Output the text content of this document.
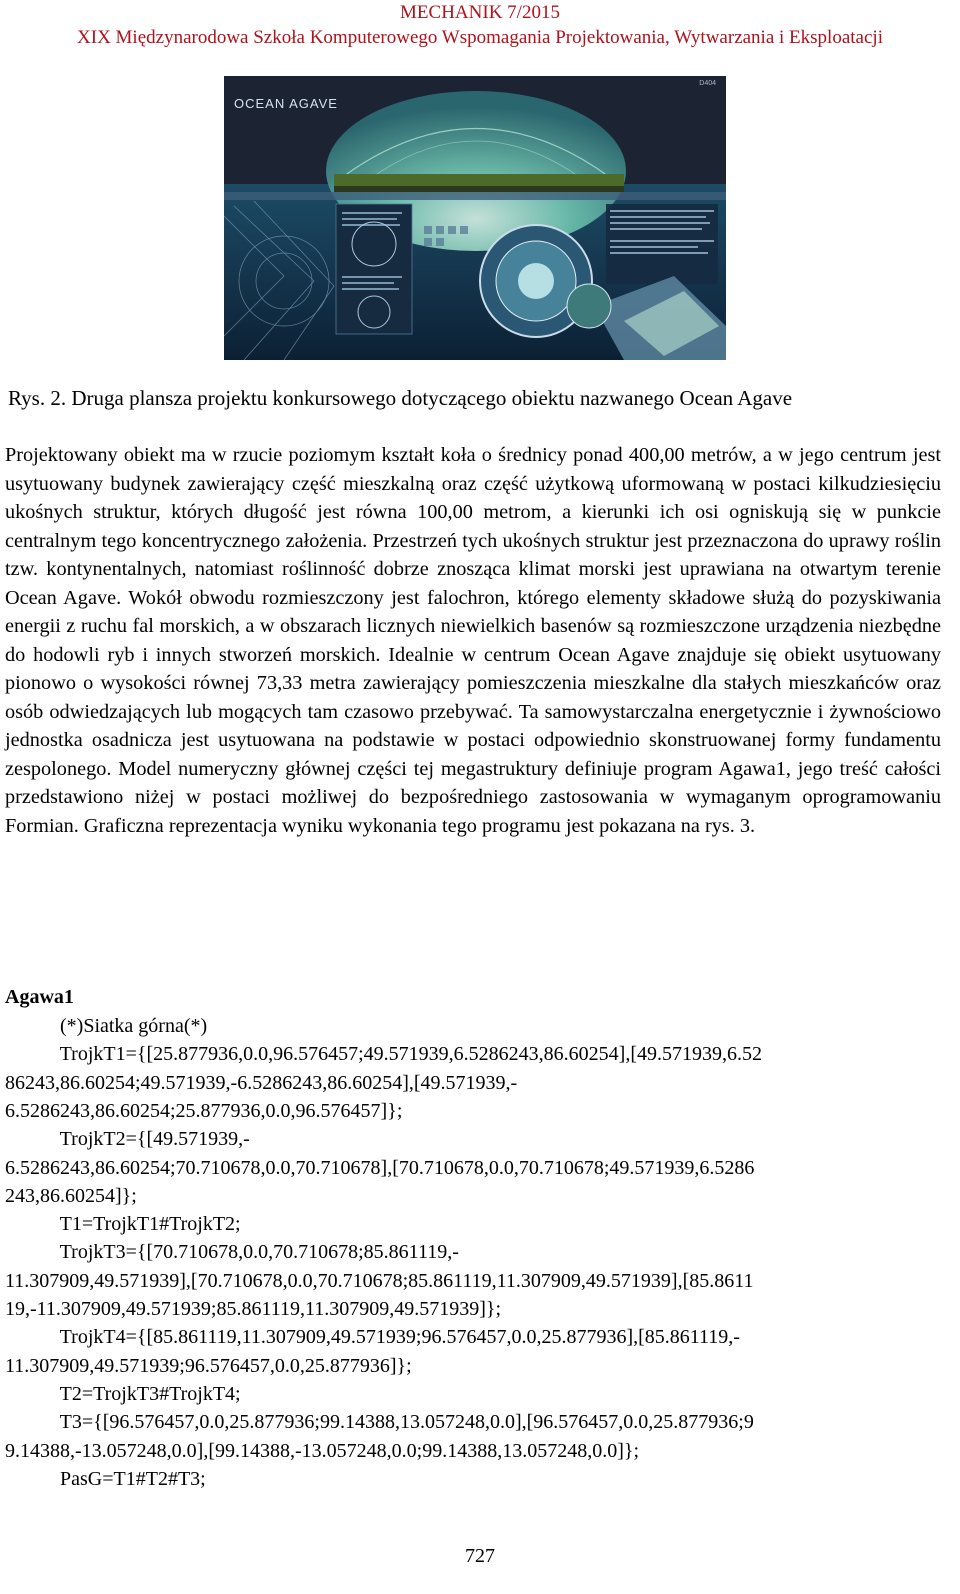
MECHANIK 7/2015
XIX Międzynarodowa Szkoła Komputerowego Wspomagania Projektowania, Wytwarzania i Eksploatacji
OCEAN AGAVE
D404
Rys. 2. Druga plansza projektu konkursowego dotyczącego obiektu nazwanego Ocean Agave
Projektowany obiekt ma w rzucie poziomym kształt koła o średnicy ponad 400,00 metrów, a w jego centrum jest usytuowany budynek zawierający część mieszkalną oraz część użytkową uformowaną w postaci kilkudziesięciu ukośnych struktur, których długość jest równa 100,00 metrom, a kierunki ich osi ogniskują się w punkcie centralnym tego koncentrycznego założenia. Przestrzeń tych ukośnych struktur jest przeznaczona do uprawy roślin tzw. kontynentalnych, natomiast roślinność dobrze znosząca klimat morski jest uprawiana na otwartym terenie Ocean Agave. Wokół obwodu rozmieszczony jest falochron, którego elementy składowe służą do pozyskiwania energii z ruchu fal morskich, a w obszarach licznych niewielkich basenów są rozmieszczone urządzenia niezbędne do hodowli ryb i innych stworzeń morskich. Idealnie w centrum Ocean Agave znajduje się obiekt usytuowany pionowo o wysokości równej 73,33 metra zawierający pomieszczenia mieszkalne dla stałych mieszkańców oraz osób odwiedzających lub mogących tam czasowo przebywać. Ta samowystarczalna energetycznie i żywnościowo jednostka osadnicza jest usytuowana na podstawie w postaci odpowiednio skonstruowanej formy fundamentu zespolonego. Model numeryczny głównej części tej megastruktury definiuje program Agawa1, jego treść całości przedstawiono niżej w postaci możliwej do bezpośredniego zastosowania w wymaganym oprogramowaniu Formian. Graficzna reprezentacja wyniku wykonania tego programu jest pokazana na rys. 3.
Agawa1
(*)Siatka górna(*)
TrojkT1={[25.877936,0.0,96.576457;49.571939,6.5286243,86.60254],[49.571939,6.52
86243,86.60254;49.571939,-6.5286243,86.60254],[49.571939,-
6.5286243,86.60254;25.877936,0.0,96.576457]};
TrojkT2={[49.571939,-
6.5286243,86.60254;70.710678,0.0,70.710678],[70.710678,0.0,70.710678;49.571939,6.5286
243,86.60254]};
T1=TrojkT1#TrojkT2;
TrojkT3={[70.710678,0.0,70.710678;85.861119,-
11.307909,49.571939],[70.710678,0.0,70.710678;85.861119,11.307909,49.571939],[85.8611
19,-11.307909,49.571939;85.861119,11.307909,49.571939]};
TrojkT4={[85.861119,11.307909,49.571939;96.576457,0.0,25.877936],[85.861119,-
11.307909,49.571939;96.576457,0.0,25.877936]};
T2=TrojkT3#TrojkT4;
T3={[96.576457,0.0,25.877936;99.14388,13.057248,0.0],[96.576457,0.0,25.877936;9
9.14388,-13.057248,0.0],[99.14388,-13.057248,0.0;99.14388,13.057248,0.0]};
PasG=T1#T2#T3;
727
